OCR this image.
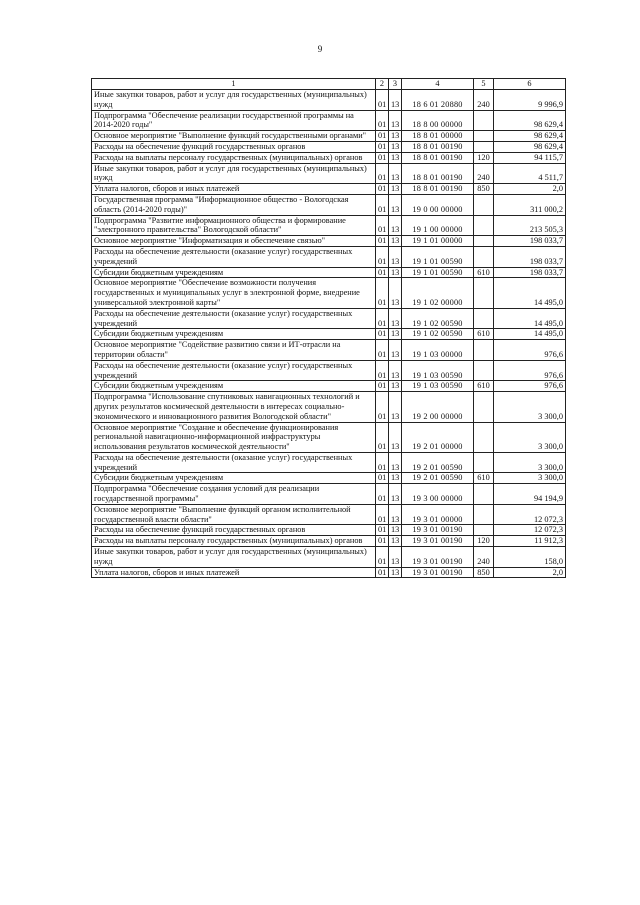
9
1	2	3	4	5	6
Иные закупки товаров, работ и услуг для государственных (муниципальных) нужд	01	13	18 6 01 20880	240	9 996,9
Подпрограмма "Обеспечение реализации государственной программы на 2014-2020 годы"	01	13	18 8 00 00000		98 629,4
Основное мероприятие "Выполнение функций государственными органами"	01	13	18 8 01 00000		98 629,4
Расходы на обеспечение функций государственных органов	01	13	18 8 01 00190		98 629,4
Расходы на выплаты персоналу государственных (муниципальных) органов	01	13	18 8 01 00190	120	94 115,7
Иные закупки товаров, работ и услуг для государственных (муниципальных) нужд	01	13	18 8 01 00190	240	4 511,7
Уплата налогов, сборов и иных платежей	01	13	18 8 01 00190	850	2,0
Государственная программа "Информационное общество - Вологодская область (2014-2020 годы)"	01	13	19 0 00 00000		311 000,2
Подпрограмма "Развитие информационного общества и формирование "электронного правительства" Вологодской области"	01	13	19 1 00 00000		213 505,3
Основное мероприятие "Информатизация и обеспечение связью"	01	13	19 1 01 00000		198 033,7
Расходы на обеспечение деятельности (оказание услуг) государственных учреждений	01	13	19 1 01 00590		198 033,7
Субсидии бюджетным учреждениям	01	13	19 1 01 00590	610	198 033,7
Основное мероприятие "Обеспечение возможности получения государственных и муниципальных услуг в электронной форме, внедрение универсальной электронной карты"	01	13	19 1 02 00000		14 495,0
Расходы на обеспечение деятельности (оказание услуг) государственных учреждений	01	13	19 1 02 00590		14 495,0
Субсидии бюджетным учреждениям	01	13	19 1 02 00590	610	14 495,0
Основное мероприятие "Содействие развитию связи и ИТ-отрасли на территории области"	01	13	19 1 03 00000		976,6
Расходы на обеспечение деятельности (оказание услуг) государственных учреждений	01	13	19 1 03 00590		976,6
Субсидии бюджетным учреждениям	01	13	19 1 03 00590	610	976,6
Подпрограмма "Использование спутниковых навигационных технологий и других результатов космической деятельности в интересах социально-экономического и инновационного развития Вологодской области"	01	13	19 2 00 00000		3 300,0
Основное мероприятие "Создание и обеспечение функционирования региональной навигационно-информационной инфраструктуры использования результатов космической деятельности"	01	13	19 2 01 00000		3 300,0
Расходы на обеспечение деятельности (оказание услуг) государственных учреждений	01	13	19 2 01 00590		3 300,0
Субсидии бюджетным учреждениям	01	13	19 2 01 00590	610	3 300,0
Подпрограмма "Обеспечение создания условий для реализации государственной программы"	01	13	19 3 00 00000		94 194,9
Основное мероприятие "Выполнение функций органом исполнительной государственной власти области"	01	13	19 3 01 00000		12 072,3
Расходы на обеспечение функций государственных органов	01	13	19 3 01 00190		12 072,3
Расходы на выплаты персоналу государственных (муниципальных) органов	01	13	19 3 01 00190	120	11 912,3
Иные закупки товаров, работ и услуг для государственных (муниципальных) нужд	01	13	19 3 01 00190	240	158,0
Уплата налогов, сборов и иных платежей	01	13	19 3 01 00190	850	2,0
